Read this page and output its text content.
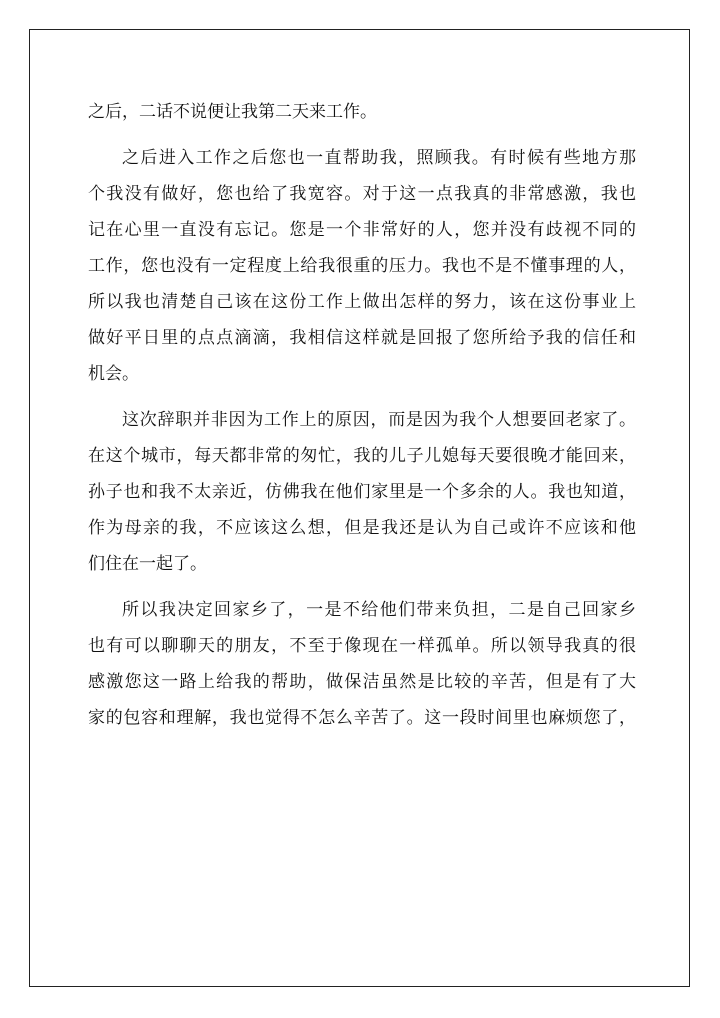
之后，二话不说便让我第二天来工作。
之后进入工作之后您也一直帮助我，照顾我。有时候有些地方那
个我没有做好，您也给了我宽容。对于这一点我真的非常感激，我也
记在心里一直没有忘记。您是一个非常好的人，您并没有歧视不同的
工作，您也没有一定程度上给我很重的压力。我也不是不懂事理的人，
所以我也清楚自己该在这份工作上做出怎样的努力，该在这份事业上
做好平日里的点点滴滴，我相信这样就是回报了您所给予我的信任和
机会。
这次辞职并非因为工作上的原因，而是因为我个人想要回老家了。
在这个城市，每天都非常的匆忙，我的儿子儿媳每天要很晚才能回来，
孙子也和我不太亲近，仿佛我在他们家里是一个多余的人。我也知道，
作为母亲的我，不应该这么想，但是我还是认为自己或许不应该和他
们住在一起了。
所以我决定回家乡了，一是不给他们带来负担，二是自己回家乡
也有可以聊聊天的朋友，不至于像现在一样孤单。所以领导我真的很
感激您这一路上给我的帮助，做保洁虽然是比较的辛苦，但是有了大
家的包容和理解，我也觉得不怎么辛苦了。这一段时间里也麻烦您了，
